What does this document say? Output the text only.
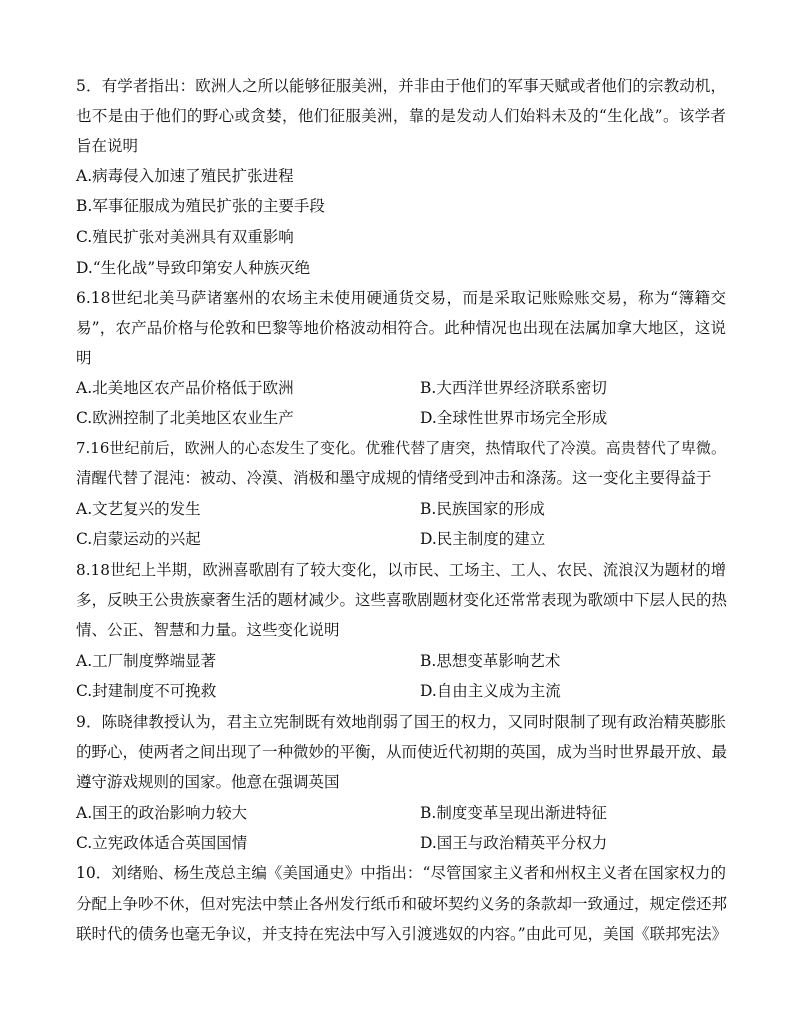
5．有学者指出：欧洲人之所以能够征服美洲，并非由于他们的军事天赋或者他们的宗教动机，
也不是由于他们的野心或贪婪，他们征服美洲，靠的是发动人们始料未及的“生化战”。该学者
旨在说明
A.病毒侵入加速了殖民扩张进程
B.军事征服成为殖民扩张的主要手段
C.殖民扩张对美洲具有双重影响
D.“生化战”导致印第安人种族灭绝
6.18世纪北美马萨诸塞州的农场主未使用硬通货交易，而是采取记账赊账交易，称为“簿籍交
易”，农产品价格与伦敦和巴黎等地价格波动相符合。此种情况也出现在法属加拿大地区，这说
明
A.北美地区农产品价格低于欧洲	B.大西洋世界经济联系密切
C.欧洲控制了北美地区农业生产	D.全球性世界市场完全形成
7.16世纪前后，欧洲人的心态发生了变化。优雅代替了唐突，热情取代了冷漠。高贵替代了卑微。
清醒代替了混沌：被动、冷漠、消极和墨守成规的情绪受到冲击和涤荡。这一变化主要得益于
A.文艺复兴的发生	B.民族国家的形成
C.启蒙运动的兴起	D.民主制度的建立
8.18世纪上半期，欧洲喜歌剧有了较大变化，以市民、工场主、工人、农民、流浪汉为题材的增
多，反映王公贵族豪奢生活的题材减少。这些喜歌剧题材变化还常常表现为歌颂中下层人民的热
情、公正、智慧和力量。这些变化说明
A.工厂制度弊端显著	B.思想变革影响艺术
C.封建制度不可挽救	D.自由主义成为主流
9．陈晓律教授认为，君主立宪制既有效地削弱了国王的权力，又同时限制了现有政治精英膨胀
的野心，使两者之间出现了一种微妙的平衡，从而使近代初期的英国，成为当时世界最开放、最
遵守游戏规则的国家。他意在强调英国
A.国王的政治影响力较大	B.制度变革呈现出渐进特征
C.立宪政体适合英国国情	D.国王与政治精英平分权力
10．刘绪贻、杨生茂总主编《美国通史》中指出：“尽管国家主义者和州权主义者在国家权力的
分配上争吵不休，但对宪法中禁止各州发行纸币和破坏契约义务的条款却一致通过，规定偿还邦
联时代的债务也毫无争议，并支持在宪法中写入引渡逃奴的内容。”由此可见，美国《联邦宪法》
